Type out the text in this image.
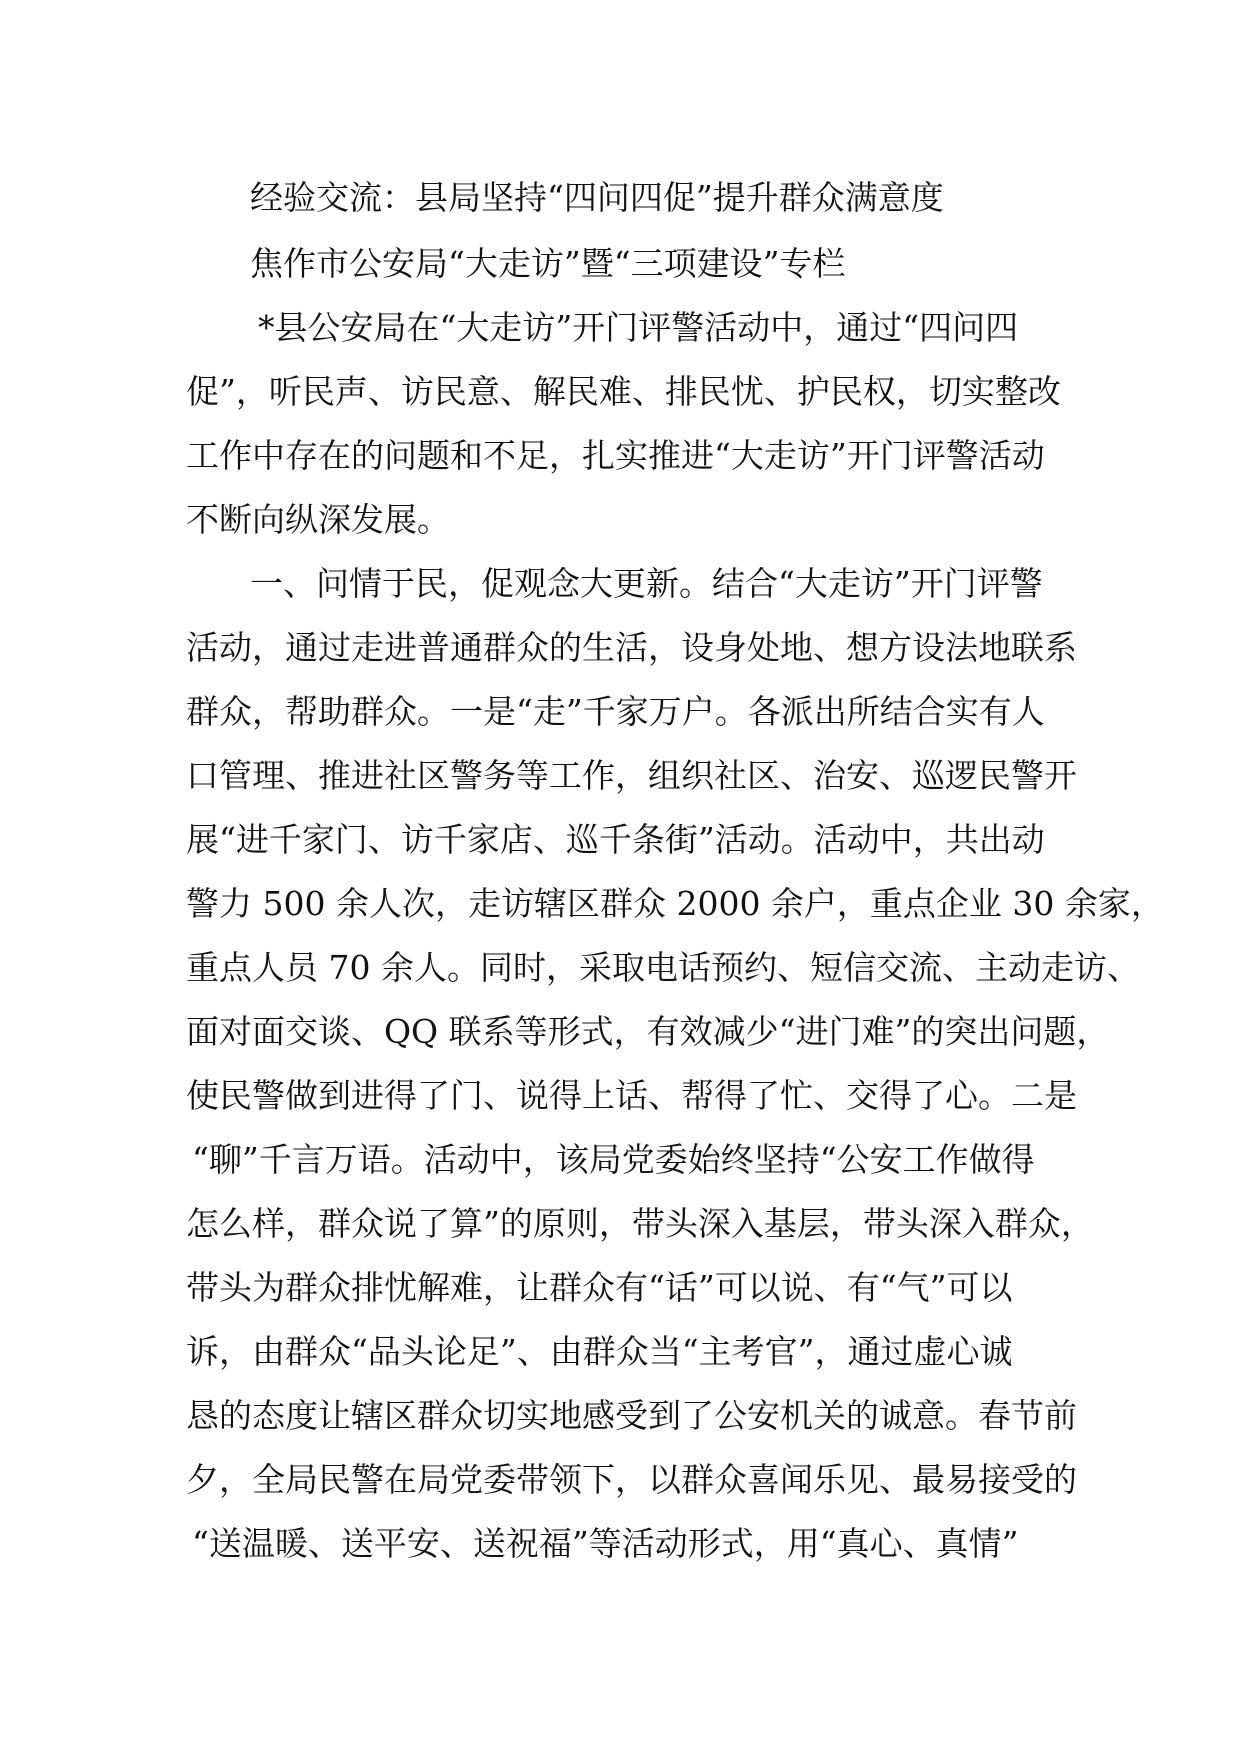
经验交流：县局坚持“四问四促”提升群众满意度
焦作市公安局“大走访”暨“三项建设”专栏
*县公安局在“大走访”开门评警活动中，通过“四问四
促”，听民声、访民意、解民难、排民忧、护民权，切实整改
工作中存在的问题和不足，扎实推进“大走访”开门评警活动
不断向纵深发展。
一、问情于民，促观念大更新。结合“大走访”开门评警
活动，通过走进普通群众的生活，设身处地、想方设法地联系
群众，帮助群众。一是“走”千家万户。各派出所结合实有人
口管理、推进社区警务等工作，组织社区、治安、巡逻民警开
展“进千家门、访千家店、巡千条街”活动。活动中，共出动
警力 500 余人次，走访辖区群众 2000 余户，重点企业 30 余家，
重点人员 70 余人。同时，采取电话预约、短信交流、主动走访、
面对面交谈、QQ 联系等形式，有效减少“进门难”的突出问题，
使民警做到进得了门、说得上话、帮得了忙、交得了心。二是
“聊”千言万语。活动中，该局党委始终坚持“公安工作做得
怎么样，群众说了算”的原则，带头深入基层，带头深入群众，
带头为群众排忧解难，让群众有“话”可以说、有“气”可以
诉，由群众“品头论足”、由群众当“主考官”，通过虚心诚
恳的态度让辖区群众切实地感受到了公安机关的诚意。春节前
夕，全局民警在局党委带领下，以群众喜闻乐见、最易接受的
“送温暖、送平安、送祝福”等活动形式，用“真心、真情”
